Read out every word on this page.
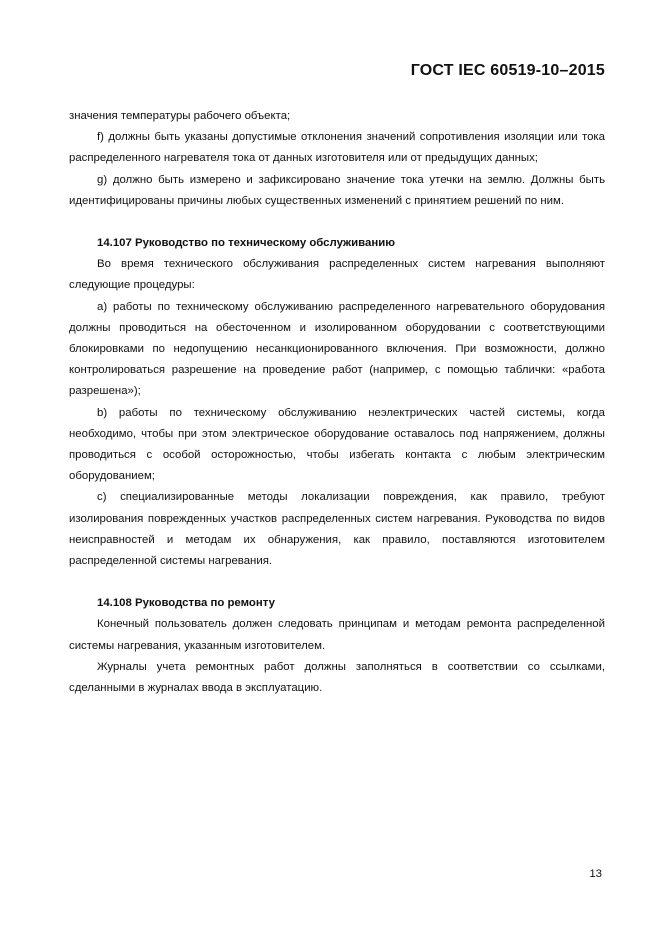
ГОСТ IEC 60519-10–2015

значения температуры рабочего объекта;

f) должны быть указаны допустимые отклонения значений сопротивления изоляции или тока распределенного нагревателя тока от данных изготовителя или от предыдущих данных;

g) должно быть измерено и зафиксировано значение тока утечки на землю. Должны быть идентифицированы причины любых существенных изменений с принятием решений по ним.

14.107 Руководство по техническому обслуживанию

Во время технического обслуживания распределенных систем нагревания выполняют следующие процедуры:

а) работы по техническому обслуживанию распределенного нагревательного оборудования должны проводиться на обесточенном и изолированном оборудовании с соответствующими блокировками по недопущению несанкционированного включения. При возможности, должно контролироваться разрешение на проведение работ (например, с помощью таблички: «работа разрешена»);

b) работы по техническому обслуживанию неэлектрических частей системы, когда необходимо, чтобы при этом электрическое оборудование оставалось под напряжением, должны проводиться с особой осторожностью, чтобы избегать контакта с любым электрическим оборудованием;

с) специализированные методы локализации повреждения, как правило, требуют изолирования поврежденных участков распределенных систем нагревания. Руководства по видов неисправностей и методам их обнаружения, как правило, поставляются изготовителем распределенной системы нагревания.

14.108 Руководства по ремонту

Конечный пользователь должен следовать принципам и методам ремонта распределенной системы нагревания, указанным изготовителем.

Журналы учета ремонтных работ должны заполняться в соответствии со ссылками, сделанными в журналах ввода в эксплуатацию.

13
